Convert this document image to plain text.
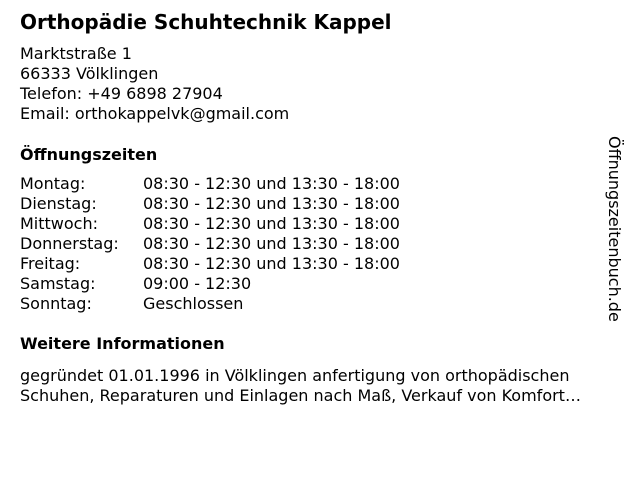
Orthopädie Schuhtechnik Kappel
Marktstraße 1
66333 Völklingen
Telefon: +49 6898 27904
Email: orthokappelvk@gmail.com
Öffnungszeiten
Montag:	08:30 - 12:30 und 13:30 - 18:00
Dienstag:	08:30 - 12:30 und 13:30 - 18:00
Mittwoch:	08:30 - 12:30 und 13:30 - 18:00
Donnerstag: 08:30 - 12:30 und 13:30 - 18:00
Freitag:	08:30 - 12:30 und 13:30 - 18:00
Samstag:	09:00 - 12:30
Sonntag:	Geschlossen
Weitere Informationen
gegründet 01.01.1996 in Völklingen anfertigung von orthopädischen
Schuhen, Reparaturen und Einlagen nach Maß, Verkauf von Komfort…
Öffnungszeitenbuch.de
